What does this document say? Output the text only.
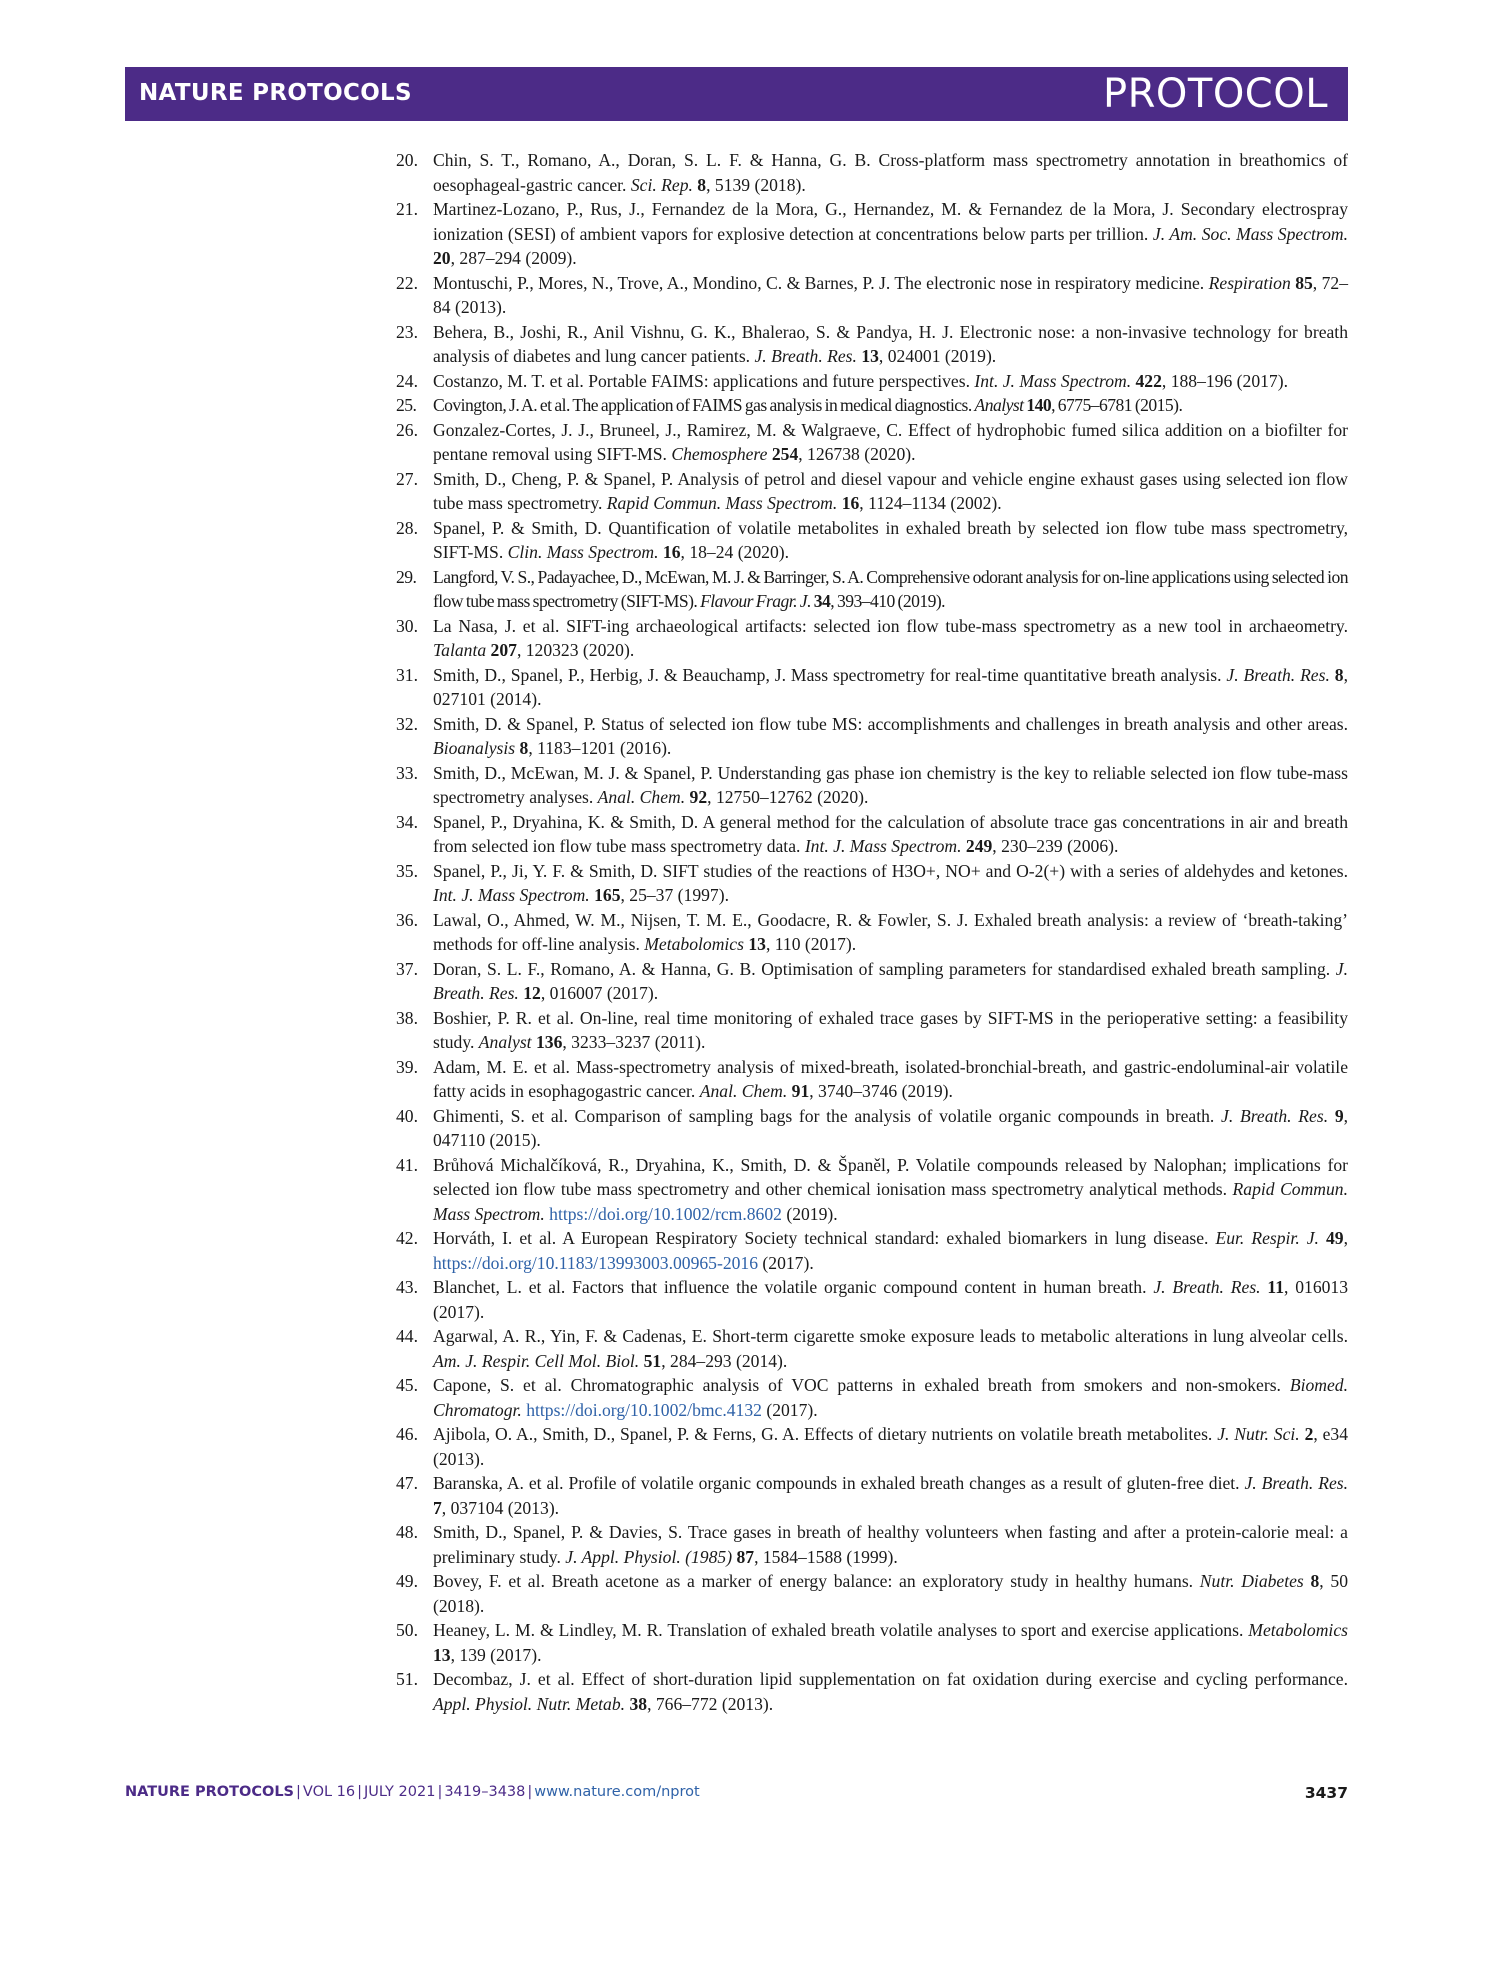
NATURE PROTOCOLS	PROTOCOL
20. Chin, S. T., Romano, A., Doran, S. L. F. & Hanna, G. B. Cross-platform mass spectrometry annotation in breathomics of oesophageal-gastric cancer. Sci. Rep. 8, 5139 (2018).
21. Martinez-Lozano, P., Rus, J., Fernandez de la Mora, G., Hernandez, M. & Fernandez de la Mora, J. Secondary electrospray ionization (SESI) of ambient vapors for explosive detection at concentrations below parts per trillion. J. Am. Soc. Mass Spectrom. 20, 287–294 (2009).
22. Montuschi, P., Mores, N., Trove, A., Mondino, C. & Barnes, P. J. The electronic nose in respiratory medicine. Respiration 85, 72–84 (2013).
23. Behera, B., Joshi, R., Anil Vishnu, G. K., Bhalerao, S. & Pandya, H. J. Electronic nose: a non-invasive technology for breath analysis of diabetes and lung cancer patients. J. Breath. Res. 13, 024001 (2019).
24. Costanzo, M. T. et al. Portable FAIMS: applications and future perspectives. Int. J. Mass Spectrom. 422, 188–196 (2017).
25. Covington, J. A. et al. The application of FAIMS gas analysis in medical diagnostics. Analyst 140, 6775–6781 (2015).
26. Gonzalez-Cortes, J. J., Bruneel, J., Ramirez, M. & Walgraeve, C. Effect of hydrophobic fumed silica addition on a biofilter for pentane removal using SIFT-MS. Chemosphere 254, 126738 (2020).
27. Smith, D., Cheng, P. & Spanel, P. Analysis of petrol and diesel vapour and vehicle engine exhaust gases using selected ion flow tube mass spectrometry. Rapid Commun. Mass Spectrom. 16, 1124–1134 (2002).
28. Spanel, P. & Smith, D. Quantification of volatile metabolites in exhaled breath by selected ion flow tube mass spectrometry, SIFT-MS. Clin. Mass Spectrom. 16, 18–24 (2020).
29. Langford, V. S., Padayachee, D., McEwan, M. J. & Barringer, S. A. Comprehensive odorant analysis for on-line applications using selected ion flow tube mass spectrometry (SIFT-MS). Flavour Fragr. J. 34, 393–410 (2019).
30. La Nasa, J. et al. SIFT-ing archaeological artifacts: selected ion flow tube-mass spectrometry as a new tool in archaeometry. Talanta 207, 120323 (2020).
31. Smith, D., Spanel, P., Herbig, J. & Beauchamp, J. Mass spectrometry for real-time quantitative breath analysis. J. Breath. Res. 8, 027101 (2014).
32. Smith, D. & Spanel, P. Status of selected ion flow tube MS: accomplishments and challenges in breath analysis and other areas. Bioanalysis 8, 1183–1201 (2016).
33. Smith, D., McEwan, M. J. & Spanel, P. Understanding gas phase ion chemistry is the key to reliable selected ion flow tube-mass spectrometry analyses. Anal. Chem. 92, 12750–12762 (2020).
34. Spanel, P., Dryahina, K. & Smith, D. A general method for the calculation of absolute trace gas concentrations in air and breath from selected ion flow tube mass spectrometry data. Int. J. Mass Spectrom. 249, 230–239 (2006).
35. Spanel, P., Ji, Y. F. & Smith, D. SIFT studies of the reactions of H3O+, NO+ and O-2(+) with a series of aldehydes and ketones. Int. J. Mass Spectrom. 165, 25–37 (1997).
36. Lawal, O., Ahmed, W. M., Nijsen, T. M. E., Goodacre, R. & Fowler, S. J. Exhaled breath analysis: a review of ‘breath-taking’ methods for off-line analysis. Metabolomics 13, 110 (2017).
37. Doran, S. L. F., Romano, A. & Hanna, G. B. Optimisation of sampling parameters for standardised exhaled breath sampling. J. Breath. Res. 12, 016007 (2017).
38. Boshier, P. R. et al. On-line, real time monitoring of exhaled trace gases by SIFT-MS in the perioperative setting: a feasibility study. Analyst 136, 3233–3237 (2011).
39. Adam, M. E. et al. Mass-spectrometry analysis of mixed-breath, isolated-bronchial-breath, and gastric-endoluminal-air volatile fatty acids in esophagogastric cancer. Anal. Chem. 91, 3740–3746 (2019).
40. Ghimenti, S. et al. Comparison of sampling bags for the analysis of volatile organic compounds in breath. J. Breath. Res. 9, 047110 (2015).
41. Brůhová Michalčíková, R., Dryahina, K., Smith, D. & Španěl, P. Volatile compounds released by Nalophan; implications for selected ion flow tube mass spectrometry and other chemical ionisation mass spectrometry analytical methods. Rapid Commun. Mass Spectrom. https://doi.org/10.1002/rcm.8602 (2019).
42. Horváth, I. et al. A European Respiratory Society technical standard: exhaled biomarkers in lung disease. Eur. Respir. J. 49, https://doi.org/10.1183/13993003.00965-2016 (2017).
43. Blanchet, L. et al. Factors that influence the volatile organic compound content in human breath. J. Breath. Res. 11, 016013 (2017).
44. Agarwal, A. R., Yin, F. & Cadenas, E. Short-term cigarette smoke exposure leads to metabolic alterations in lung alveolar cells. Am. J. Respir. Cell Mol. Biol. 51, 284–293 (2014).
45. Capone, S. et al. Chromatographic analysis of VOC patterns in exhaled breath from smokers and non-smokers. Biomed. Chromatogr. https://doi.org/10.1002/bmc.4132 (2017).
46. Ajibola, O. A., Smith, D., Spanel, P. & Ferns, G. A. Effects of dietary nutrients on volatile breath metabolites. J. Nutr. Sci. 2, e34 (2013).
47. Baranska, A. et al. Profile of volatile organic compounds in exhaled breath changes as a result of gluten-free diet. J. Breath. Res. 7, 037104 (2013).
48. Smith, D., Spanel, P. & Davies, S. Trace gases in breath of healthy volunteers when fasting and after a protein-calorie meal: a preliminary study. J. Appl. Physiol. (1985) 87, 1584–1588 (1999).
49. Bovey, F. et al. Breath acetone as a marker of energy balance: an exploratory study in healthy humans. Nutr. Diabetes 8, 50 (2018).
50. Heaney, L. M. & Lindley, M. R. Translation of exhaled breath volatile analyses to sport and exercise applications. Metabolomics 13, 139 (2017).
51. Decombaz, J. et al. Effect of short-duration lipid supplementation on fat oxidation during exercise and cycling performance. Appl. Physiol. Nutr. Metab. 38, 766–772 (2013).
NATURE PROTOCOLS | VOL 16 | JULY 2021 | 3419–3438 | www.nature.com/nprot	3437
